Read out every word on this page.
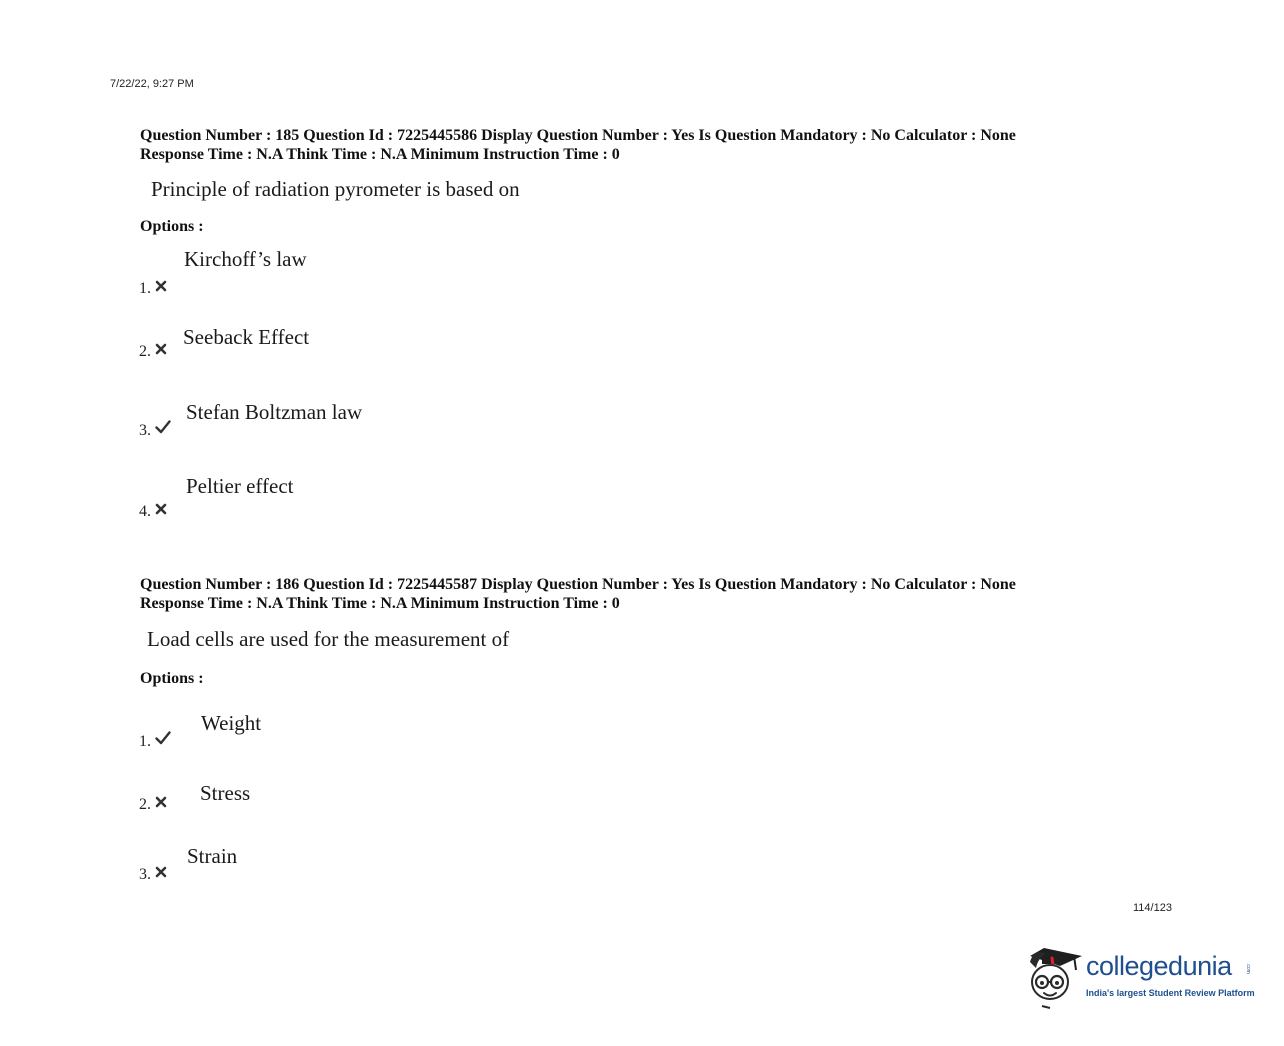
7/22/22, 9:27 PM
Question Number : 185 Question Id : 7225445586 Display Question Number : Yes Is Question Mandatory : No Calculator : None
Response Time : N.A Think Time : N.A Minimum Instruction Time : 0
Principle of radiation pyrometer is based on
Options :
Kirchoff’s law
1.
Seeback Effect
2.
Stefan Boltzman law
3.
Peltier effect
4.
Question Number : 186 Question Id : 7225445587 Display Question Number : Yes Is Question Mandatory : No Calculator : None
Response Time : N.A Think Time : N.A Minimum Instruction Time : 0
Load cells are used for the measurement of
Options :
Weight
1.
Stress
2.
Strain
3.
114/123
collegedunia	.com
India's largest Student Review Platform
